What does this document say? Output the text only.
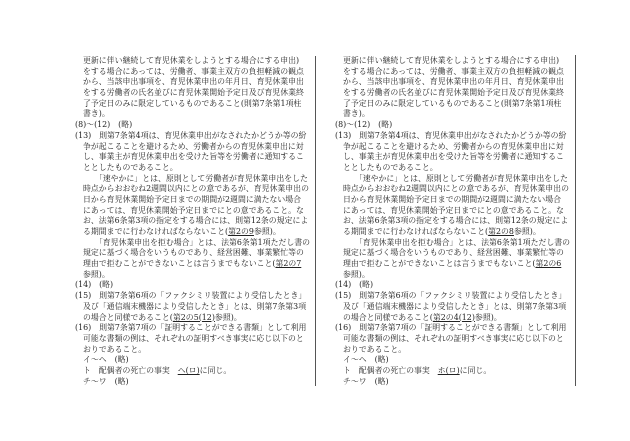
更新に伴い継続して育児休業をしようとする場合にする申出)
をする場合にあっては、労働者、事業主双方の負担軽減の観点
から、当該申出事項を、育児休業申出の年月日、育児休業申出
をする労働者の氏名並びに育児休業開始予定日及び育児休業終
了予定日のみに限定しているものであること(則第7条第1項柱
書き)。
(8)～(12)　(略)
(13)　則第7条第4項は、育児休業申出がなされたかどうか等の紛
争が起こることを避けるため、労働者からの育児休業申出に対
し、事業主が育児休業申出を受けた旨等を労働者に通知するこ
ととしたものであること。
　　「速やかに」とは、原則として労働者が育児休業申出をした
時点からおおむね2週間以内にとの意であるが、育児休業申出の
日から育児休業開始予定日までの期間が2週間に満たない場合
にあっては、育児休業開始予定日までにとの意であること。な
お、法第6条第3項の指定をする場合には、則第12条の規定によ
る期間までに行わなければならないこと(第2の9参照)。
　　「育児休業申出を拒む場合」とは、法第6条第1項ただし書の
規定に基づく場合をいうものであり、経営困難、事業繁忙等の
理由で拒むことができないことは言うまでもないこと(第2の7
参照)。
(14)　(略)
(15)　則第7条第6項の「ファクシミリ装置により受信したとき」
及び「通信端末機器により受信したとき」とは、則第7条第3項
の場合と同様であること(第2の5(12)参照)。
(16)　則第7条第7項の「証明することができる書類」として利用
可能な書類の例は、それぞれの証明すべき事実に応じ以下のと
おりであること。
イ～ヘ　(略)
ト　配偶者の死亡の事実　ヘ(ロ)に同じ。
チ～ワ　(略)
更新に伴い継続して育児休業をしようとする場合にする申出)
をする場合にあっては、労働者、事業主双方の負担軽減の観点
から、当該申出事項を、育児休業申出の年月日、育児休業申出
をする労働者の氏名並びに育児休業開始予定日及び育児休業終
了予定日のみに限定しているものであること(則第7条第1項柱
書き)。
(8)～(12)　(略)
(13)　則第7条第4項は、育児休業申出がなされたかどうか等の紛
争が起こることを避けるため、労働者からの育児休業申出に対
し、事業主が育児休業申出を受けた旨等を労働者に通知するこ
ととしたものであること。
　　「速やかに」とは、原則として労働者が育児休業申出をした
時点からおおむね2週間以内にとの意であるが、育児休業申出の
日から育児休業開始予定日までの期間が2週間に満たない場合
にあっては、育児休業開始予定日までにとの意であること。な
お、法第6条第3項の指定をする場合には、則第12条の規定によ
る期間までに行わなければならないこと(第2の8参照)。
　　「育児休業申出を拒む場合」とは、法第6条第1項ただし書の
規定に基づく場合をいうものであり、経営困難、事業繁忙等の
理由で拒むことができないことは言うまでもないこと(第2の6
参照)。
(14)　(略)
(15)　則第7条第6項の「ファクシミリ装置により受信したとき」
及び「通信端末機器により受信したとき」とは、則第7条第3項
の場合と同様であること(第2の4(12)参照)。
(16)　則第7条第7項の「証明することができる書類」として利用
可能な書類の例は、それぞれの証明すべき事実に応じ以下のと
おりであること。
イ～ヘ　(略)
ト　配偶者の死亡の事実　ホ(ロ)に同じ。
チ～ワ　(略)
